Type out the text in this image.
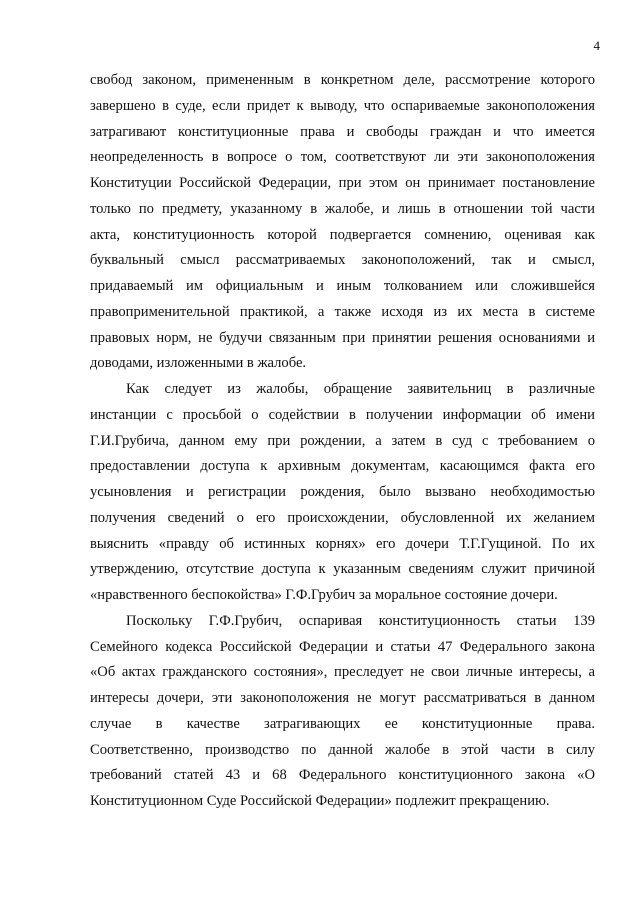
4
свобод законом, примененным в конкретном деле, рассмотрение которого
завершено в суде, если придет к выводу, что оспариваемые законоположения
затрагивают конституционные права и свободы граждан и что имеется
неопределенность в вопросе о том, соответствуют ли эти законоположения
Конституции Российской Федерации, при этом он принимает постановление
только по предмету, указанному в жалобе, и лишь в отношении той части
акта, конституционность которой подвергается сомнению, оценивая как
буквальный смысл рассматриваемых законоположений, так и смысл,
придаваемый им официальным и иным толкованием или сложившейся
правоприменительной практикой, а также исходя из их места в системе
правовых норм, не будучи связанным при принятии решения основаниями и
доводами, изложенными в жалобе.
Как следует из жалобы, обращение заявительниц в различные
инстанции с просьбой о содействии в получении информации об имени
Г.И.Грубича, данном ему при рождении, а затем в суд с требованием о
предоставлении доступа к архивным документам, касающимся факта его
усыновления и регистрации рождения, было вызвано необходимостью
получения сведений о его происхождении, обусловленной их желанием
выяснить «правду об истинных корнях» его дочери Т.Г.Гущиной. По их
утверждению, отсутствие доступа к указанным сведениям служит причиной
«нравственного беспокойства» Г.Ф.Грубич за моральное состояние дочери.
Поскольку Г.Ф.Грубич, оспаривая конституционность статьи 139
Семейного кодекса Российской Федерации и статьи 47 Федерального закона
«Об актах гражданского состояния», преследует не свои личные интересы, а
интересы дочери, эти законоположения не могут рассматриваться в данном
случае в качестве затрагивающих ее конституционные права.
Соответственно, производство по данной жалобе в этой части в силу
требований статей 43 и 68 Федерального конституционного закона «О
Конституционном Суде Российской Федерации» подлежит прекращению.
